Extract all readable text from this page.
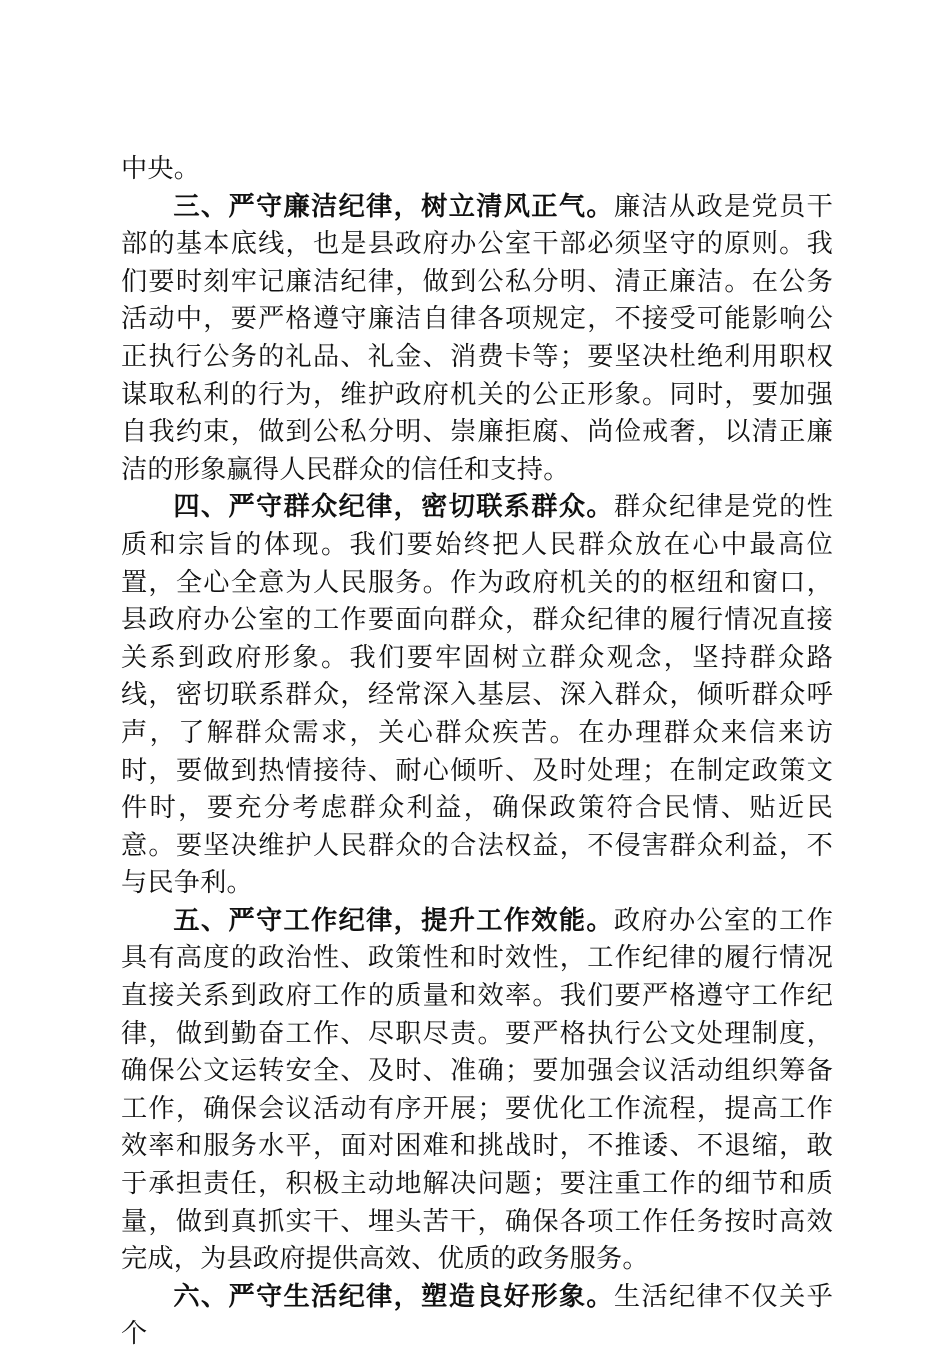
中央。

三、严守廉洁纪律，树立清风正气。廉洁从政是党员干部的基本底线，也是县政府办公室干部必须坚守的原则。我们要时刻牢记廉洁纪律，做到公私分明、清正廉洁。在公务活动中，要严格遵守廉洁自律各项规定，不接受可能影响公正执行公务的礼品、礼金、消费卡等；要坚决杜绝利用职权谋取私利的行为，维护政府机关的公正形象。同时，要加强自我约束，做到公私分明、崇廉拒腐、尚俭戒奢，以清正廉洁的形象赢得人民群众的信任和支持。

四、严守群众纪律，密切联系群众。群众纪律是党的性质和宗旨的体现。我们要始终把人民群众放在心中最高位置，全心全意为人民服务。作为政府机关的的枢纽和窗口，县政府办公室的工作要面向群众，群众纪律的履行情况直接关系到政府形象。我们要牢固树立群众观念，坚持群众路线，密切联系群众，经常深入基层、深入群众，倾听群众呼声，了解群众需求，关心群众疾苦。在办理群众来信来访时，要做到热情接待、耐心倾听、及时处理；在制定政策文件时，要充分考虑群众利益，确保政策符合民情、贴近民意。要坚决维护人民群众的合法权益，不侵害群众利益，不与民争利。

五、严守工作纪律，提升工作效能。政府办公室的工作具有高度的政治性、政策性和时效性，工作纪律的履行情况直接关系到政府工作的质量和效率。我们要严格遵守工作纪律，做到勤奋工作、尽职尽责。要严格执行公文处理制度，确保公文运转安全、及时、准确；要加强会议活动组织筹备工作，确保会议活动有序开展；要优化工作流程，提高工作效率和服务水平，面对困难和挑战时，不推诿、不退缩，敢于承担责任，积极主动地解决问题；要注重工作的细节和质量，做到真抓实干、埋头苦干，确保各项工作任务按时高效完成，为县政府提供高效、优质的政务服务。

六、严守生活纪律，塑造良好形象。生活纪律不仅关乎个
